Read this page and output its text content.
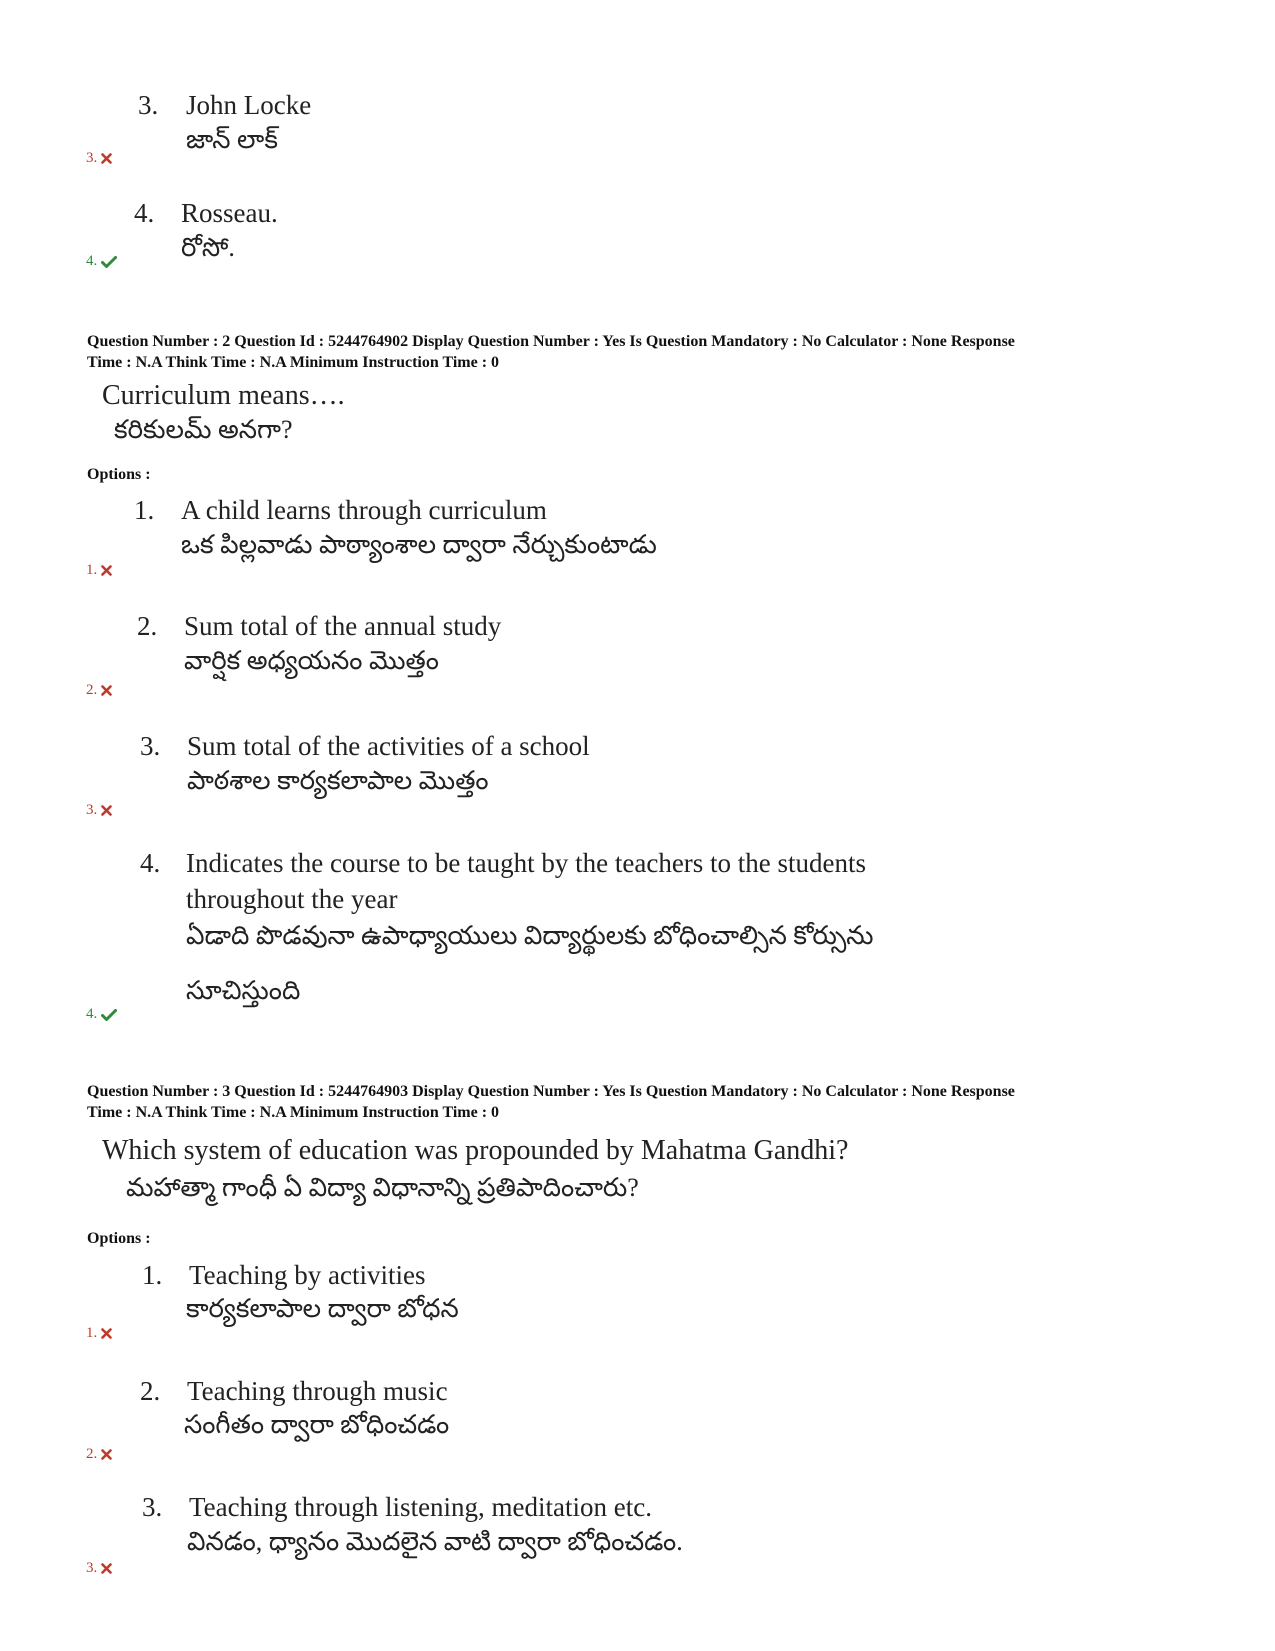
3. John Locke
జాన్ లాక్
3.
4. Rosseau.
రోసో.
4.
Question Number : 2 Question Id : 5244764902 Display Question Number : Yes Is Question Mandatory : No Calculator : None Response
Time : N.A Think Time : N.A Minimum Instruction Time : 0
Curriculum means….
కరికులమ్ అనగా?
Options :
1. A child learns through curriculum
ఒక పిల్లవాడు పాఠ్యాంశాల ద్వారా నేర్చుకుంటాడు
1.
2. Sum total of the annual study
వార్షిక అధ్యయనం మొత్తం
2.
3. Sum total of the activities of a school
పాఠశాల కార్యకలాపాల మొత్తం
3.
4. Indicates the course to be taught by the teachers to the students
throughout the year
ఏడాది పొడవునా ఉపాధ్యాయులు విద్యార్థులకు బోధించాల్సిన కోర్సును
సూచిస్తుంది
4.
Question Number : 3 Question Id : 5244764903 Display Question Number : Yes Is Question Mandatory : No Calculator : None Response
Time : N.A Think Time : N.A Minimum Instruction Time : 0
Which system of education was propounded by Mahatma Gandhi?
మహాత్మా గాంధీ ఏ విద్యా విధానాన్ని ప్రతిపాదించారు?
Options :
1. Teaching by activities
కార్యకలాపాల ద్వారా బోధన
1.
2. Teaching through music
సంగీతం ద్వారా బోధించడం
2.
3. Teaching through listening, meditation etc.
వినడం, ధ్యానం మొదలైన వాటి ద్వారా బోధించడం.
3.
